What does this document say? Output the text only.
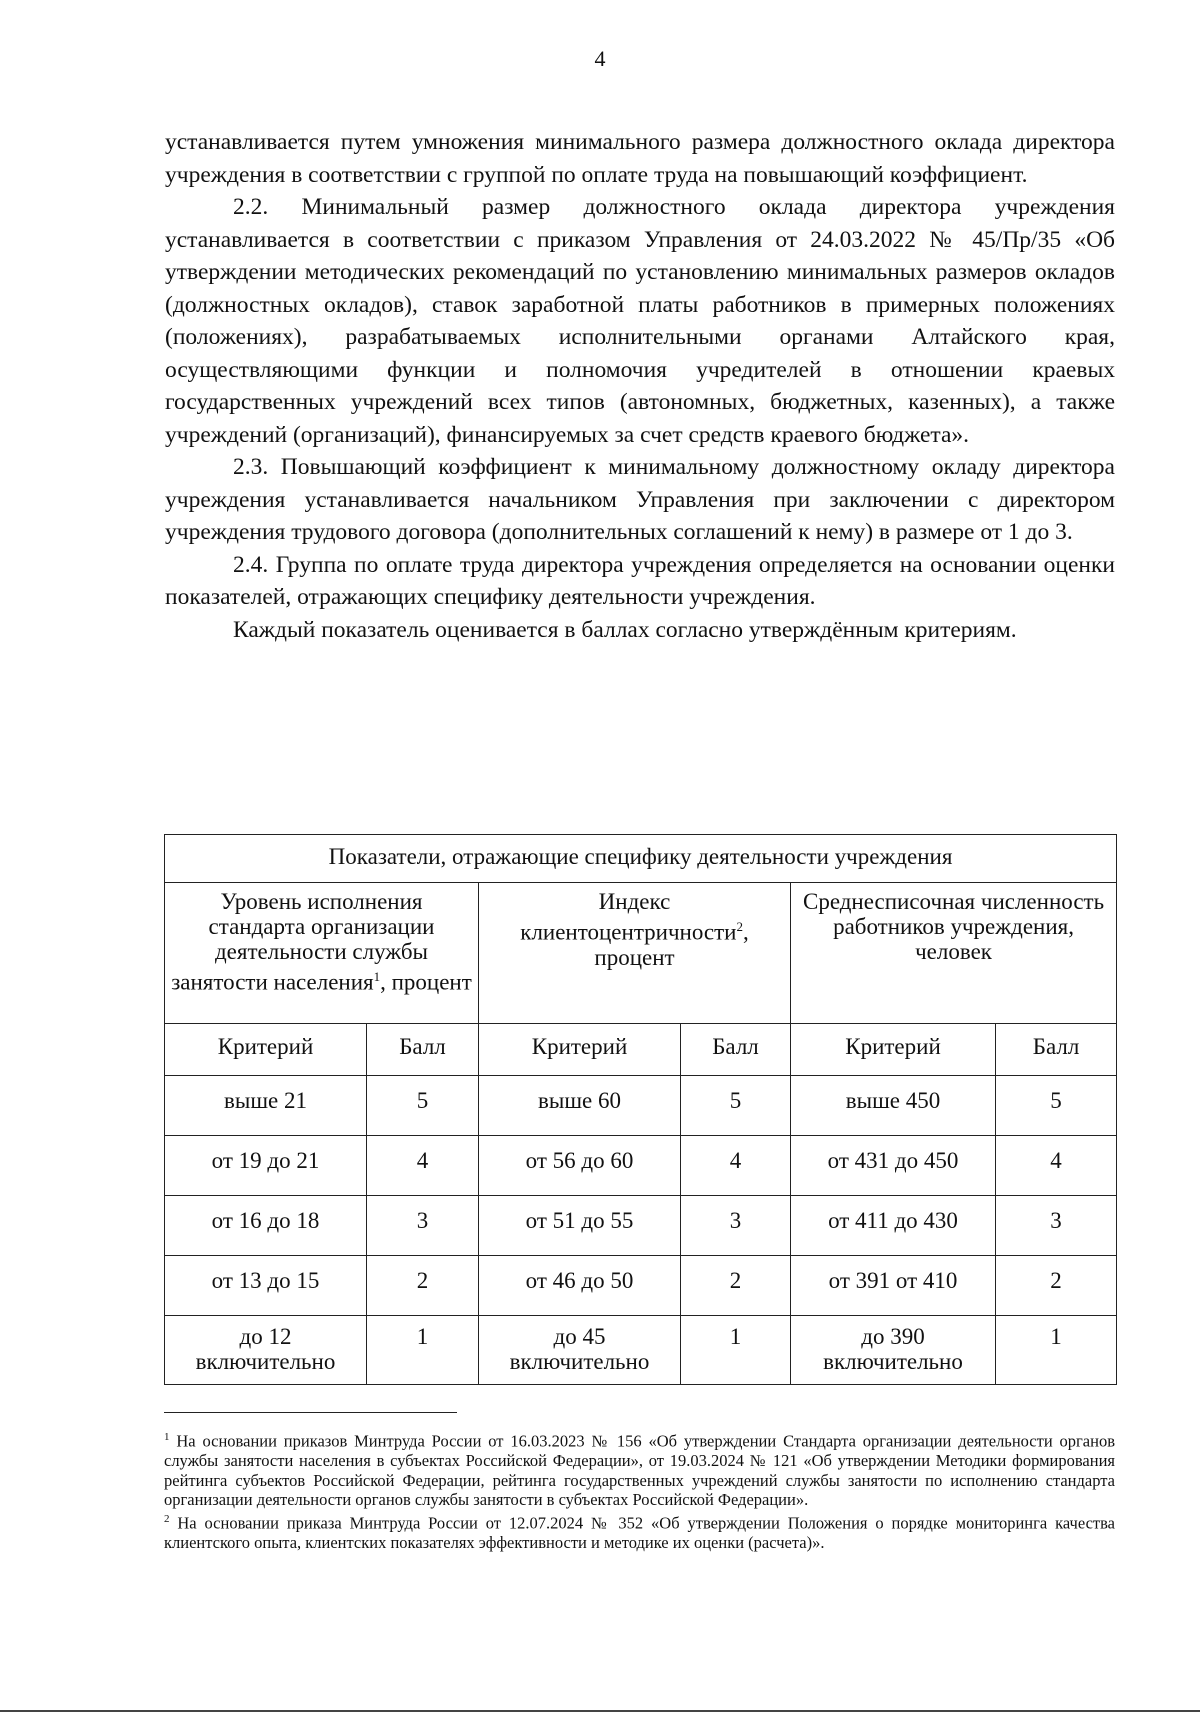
4

устанавливается путем умножения минимального размера должностного оклада директора учреждения в соответствии с группой по оплате труда на повышающий коэффициент.

2.2. Минимальный размер должностного оклада директора учреждения устанавливается в соответствии с приказом Управления от 24.03.2022 № 45/Пр/35 «Об утверждении методических рекомендаций по установлению минимальных размеров окладов (должностных окладов), ставок заработной платы работников в примерных положениях (положениях), разрабатываемых исполнительными органами Алтайского края, осуществляющими функции и полномочия учредителей в отношении краевых государственных учреждений всех типов (автономных, бюджетных, казенных), а также учреждений (организаций), финансируемых за счет средств краевого бюджета».

2.3. Повышающий коэффициент к минимальному должностному окладу директора учреждения устанавливается начальником Управления при заключении с директором учреждения трудового договора (дополнительных соглашений к нему) в размере от 1 до 3.

2.4. Группа по оплате труда директора учреждения определяется на основании оценки показателей, отражающих специфику деятельности учреждения.

Каждый показатель оценивается в баллах согласно утверждённым критериям.

Показатели, отражающие специфику деятельности учреждения					
Уровень исполнения стандарта организации деятельности службы занятости населения$^1$, процент		Индекс клиентоцентричности$^2$, процент		Среднесписочная численность работников учреждения, человек	
Критерий	Балл	Критерий	Балл	Критерий	Балл
выше 21	5	выше 60	5	выше 450	5
от 19 до 21	4	от 56 до 60	4	от 431 до 450	4
от 16 до 18	3	от 51 до 55	3	от 411 до 430	3
от 13 до 15	2	от 46 до 50	2	от 391 от 410	2
до 12 включительно	1	до 45 включительно	1	до 390 включительно	1

$^1$ На основании приказов Минтруда России от 16.03.2023 № 156 «Об утверждении Стандарта организации деятельности органов службы занятости населения в субъектах Российской Федерации», от 19.03.2024 № 121 «Об утверждении Методики формирования рейтинга субъектов Российской Федерации, рейтинга государственных учреждений службы занятости по исполнению стандарта организации деятельности органов службы занятости в субъектах Российской Федерации».

$^2$ На основании приказа Минтруда России от 12.07.2024 № 352 «Об утверждении Положения о порядке мониторинга качества клиентского опыта, клиентских показателях эффективности и методике их оценки (расчета)».
